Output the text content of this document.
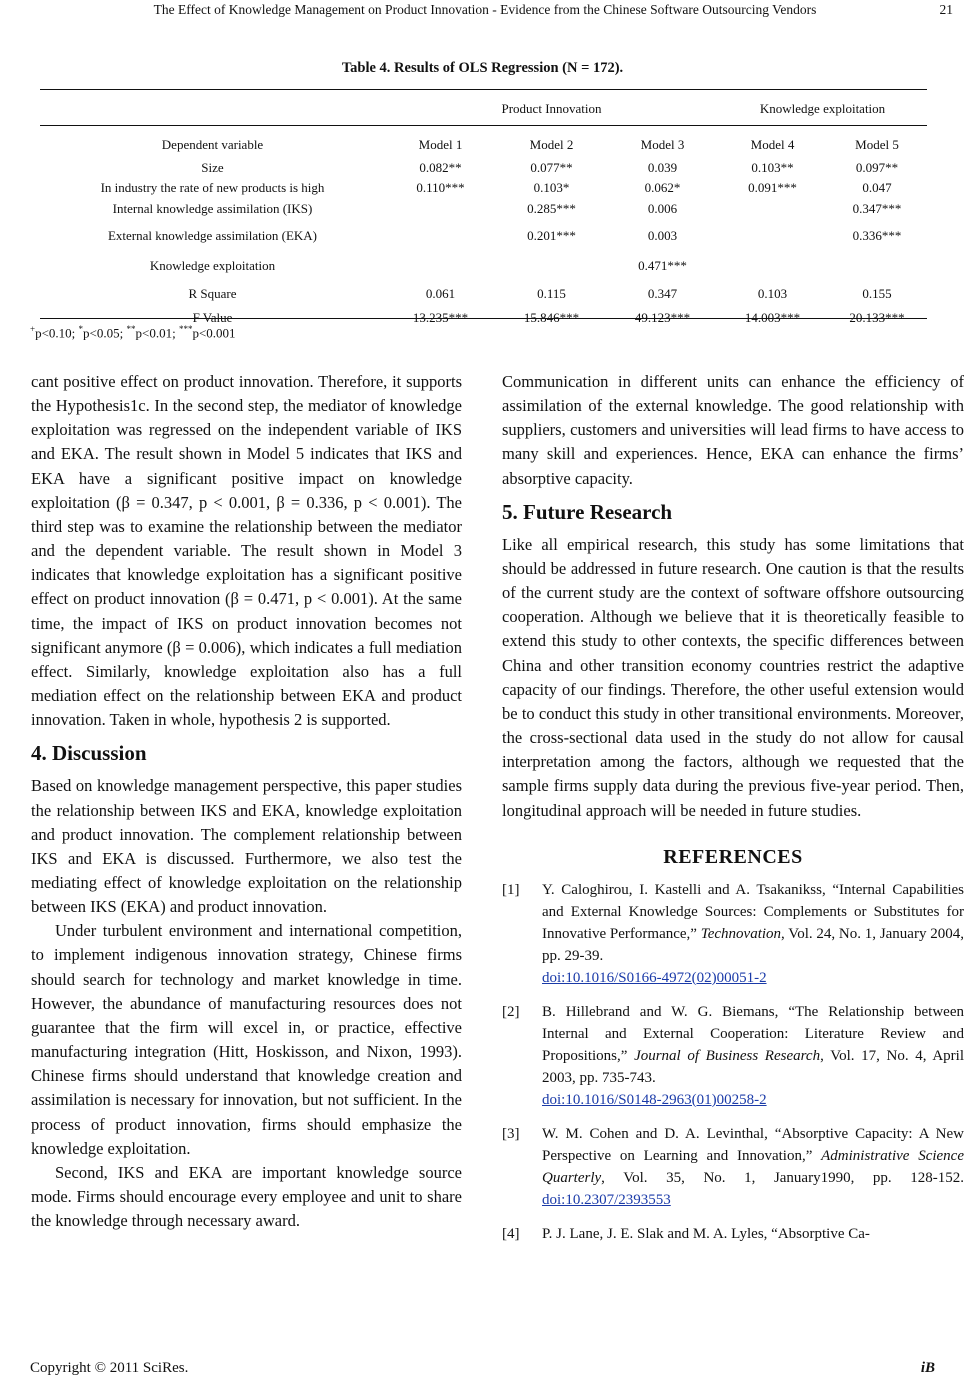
The Effect of Knowledge Management on Product Innovation - Evidence from the Chinese Software Outsourcing Vendors	21
Table 4. Results of OLS Regression (N = 172).
	Product Innovation			Knowledge exploitation	

Dependent variable	Model 1	Model 2	Model 3	Model 4	Model 5
Size	0.082**	0.077**	0.039	0.103**	0.097**
In industry the rate of new products is high	0.110***	0.103*	0.062*	0.091***	0.047
Internal knowledge assimilation (IKS)		0.285***	0.006		0.347***
External knowledge assimilation (EKA)		0.201***	0.003		0.336***
Knowledge exploitation			0.471***		
R Square	0.061	0.115	0.347	0.103	0.155
F Value	13.235***	15.846***	49.123***	14.003***	20.133***
+p<0.10; *p<0.05; **p<0.01; ***p<0.001

cant positive effect on product innovation. Therefore, it supports the Hypothesis1c. In the second step, the mediator of knowledge exploitation was regressed on the independent variable of IKS and EKA. The result shown in Model 5 indicates that IKS and EKA have a significant positive impact on knowledge exploitation (β = 0.347, p < 0.001, β = 0.336, p < 0.001). The third step was to examine the relationship between the mediator and the dependent variable. The result shown in Model 3 indicates that knowledge exploitation has a significant positive effect on product innovation (β = 0.471, p < 0.001). At the same time, the impact of IKS on product innovation becomes not significant anymore (β = 0.006), which indicates a full mediation effect. Similarly, knowledge exploitation also has a full mediation effect on the relationship between EKA and product innovation. Taken in whole, hypothesis 2 is supported.

4. Discussion

Based on knowledge management perspective, this paper studies the relationship between IKS and EKA, knowledge exploitation and product innovation. The complement relationship between IKS and EKA is discussed. Furthermore, we also test the mediating effect of knowledge exploitation on the relationship between IKS (EKA) and product innovation.

Under turbulent environment and international competition, to implement indigenous innovation strategy, Chinese firms should search for technology and market knowledge in time. However, the abundance of manufacturing resources does not guarantee that the firm will excel in, or practice, effective manufacturing integration (Hitt, Hoskisson, and Nixon, 1993). Chinese firms should understand that knowledge creation and assimilation is necessary for innovation, but not sufficient. In the process of product innovation, firms should emphasize the knowledge exploitation.

Second, IKS and EKA are important knowledge source mode. Firms should encourage every employee and unit to share the knowledge through necessary award.

Communication in different units can enhance the efficiency of assimilation of the external knowledge. The good relationship with suppliers, customers and universities will lead firms to have access to many skill and experiences. Hence, EKA can enhance the firms’ absorptive capacity.

5. Future Research

Like all empirical research, this study has some limitations that should be addressed in future research. One caution is that the results of the current study are the context of software offshore outsourcing cooperation. Although we believe that it is theoretically feasible to extend this study to other contexts, the specific differences between China and other transition economy countries restrict the adaptive capacity of our findings. Therefore, the other useful extension would be to conduct this study in other transitional environments. Moreover, the cross-sectional data used in the study do not allow for causal interpretation among the factors, although we requested that the sample firms supply data during the previous five-year period. Then, longitudinal approach will be needed in future studies.

REFERENCES
[1] Y. Caloghirou, I. Kastelli and A. Tsakanikss, “Internal Capabilities and External Knowledge Sources: Complements or Substitutes for Innovative Performance,” Technovation, Vol. 24, No. 1, January 2004, pp. 29-39.
doi:10.1016/S0166-4972(02)00051-2
[2] B. Hillebrand and W. G. Biemans, “The Relationship between Internal and External Cooperation: Literature Review and Propositions,” Journal of Business Research, Vol. 17, No. 4, April 2003, pp. 735-743.
doi:10.1016/S0148-2963(01)00258-2
[3] W. M. Cohen and D. A. Levinthal, “Absorptive Capacity: A New Perspective on Learning and Innovation,” Administrative Science Quarterly, Vol. 35, No. 1, January1990, pp. 128-152. doi:10.2307/2393553
[4] P. J. Lane, J. E. Slak and M. A. Lyles, “Absorptive Ca-
Copyright © 2011 SciRes.	iB
